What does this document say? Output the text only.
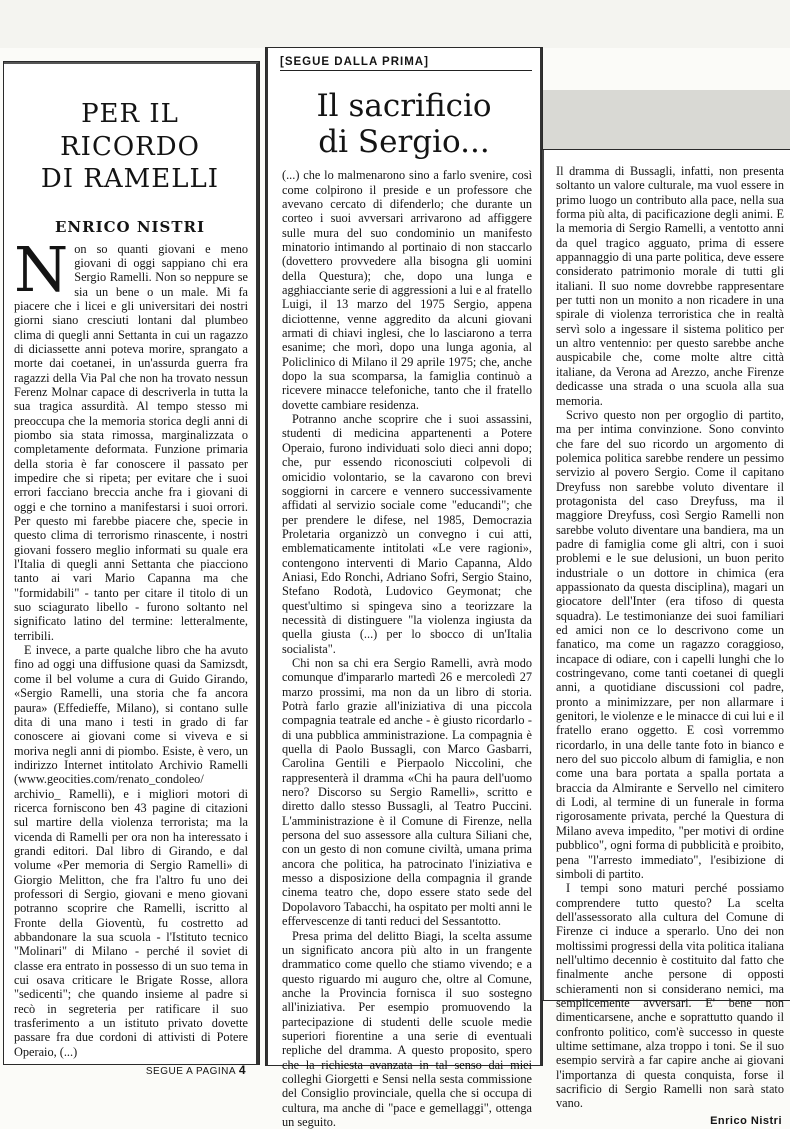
PER IL RICORDO
DI RAMELLI
ENRICO NISTRI

Non so quanti giovani e meno giovani di oggi sappiano chi era Sergio Ramelli. Non so neppure se sia un bene o un male. Mi fa piacere che i licei e gli universitari dei nostri giorni siano cresciuti lontani dal plumbeo clima di quegli anni Settanta in cui un ragazzo di diciassette anni poteva morire, sprangato a morte dai coetanei, in un'assurda guerra fra ragazzi della Via Pal che non ha trovato nessun Ferenz Molnar capace di descriverla in tutta la sua tragica assurdità. Al tempo stesso mi preoccupa che la memoria storica degli anni di piombo sia stata rimossa, marginalizzata o completamente deformata. Funzione primaria della storia è far conoscere il passato per impedire che si ripeta; per evitare che i suoi errori facciano breccia anche fra i giovani di oggi e che tornino a manifestarsi i suoi orrori. Per questo mi farebbe piacere che, specie in questo clima di terrorismo rinascente, i nostri giovani fossero meglio informati su quale era l'Italia di quegli anni Settanta che piacciono tanto ai vari Mario Capanna ma che "formidabili" - tanto per citare il titolo di un suo sciagurato libello - furono soltanto nel significato latino del termine: letteralmente, terribili.

E invece, a parte qualche libro che ha avuto fino ad oggi una diffusione quasi da Samizsdt, come il bel volume a cura di Guido Girando, «Sergio Ramelli, una storia che fa ancora paura» (Effedieffe, Milano), si contano sulle dita di una mano i testi in grado di far conoscere ai giovani come si viveva e si moriva negli anni di piombo. Esiste, è vero, un indirizzo Internet intitolato Archivio Ramelli (www.geocities.com/renato_condoleo/ archivio_ Ramelli), e i migliori motori di ricerca forniscono ben 43 pagine di citazioni sul martire della violenza terrorista; ma la vicenda di Ramelli per ora non ha interessato i grandi editori. Dal libro di Girando, e dal volume «Per memoria di Sergio Ramelli» di Giorgio Melitton, che fra l'altro fu uno dei professori di Sergio, giovani e meno giovani potranno scoprire che Ramelli, iscritto al Fronte della Gioventù, fu costretto ad abbandonare la sua scuola - l'Istituto tecnico "Molinari" di Milano - perché il soviet di classe era entrato in possesso di un suo tema in cui osava criticare le Brigate Rosse, allora "sedicenti"; che quando insieme al padre si recò in segreteria per ratificare il suo trasferimento a un istituto privato dovette passare fra due cordoni di attivisti di Potere Operaio, (...)

SEGUE A PAGINA 4
[SEGUE DALLA PRIMA]
Il sacrificio
di Sergio...

(...) che lo malmenarono sino a farlo svenire, così come colpirono il preside e un professore che avevano cercato di difenderlo; che durante un corteo i suoi avversari arrivarono ad affiggere sulle mura del suo condominio un manifesto minatorio intimando al portinaio di non staccarlo (dovettero provvedere alla bisogna gli uomini della Questura); che, dopo una lunga e agghiacciante serie di aggressioni a lui e al fratello Luigi, il 13 marzo del 1975 Sergio, appena diciottenne, venne aggredito da alcuni giovani armati di chiavi inglesi, che lo lasciarono a terra esanime; che morì, dopo una lunga agonia, al Policlinico di Milano il 29 aprile 1975; che, anche dopo la sua scomparsa, la famiglia continuò a ricevere minacce telefoniche, tanto che il fratello dovette cambiare residenza.

Potranno anche scoprire che i suoi assassini, studenti di medicina appartenenti a Potere Operaio, furono individuati solo dieci anni dopo; che, pur essendo riconosciuti colpevoli di omicidio volontario, se la cavarono con brevi soggiorni in carcere e vennero successivamente affidati al servizio sociale come "educandi"; che per prendere le difese, nel 1985, Democrazia Proletaria organizzò un convegno i cui atti, emblematicamente intitolati «Le vere ragioni», contengono interventi di Mario Capanna, Aldo Aniasi, Edo Ronchi, Adriano Sofri, Sergio Staino, Stefano Rodotà, Ludovico Geymonat; che quest'ultimo si spingeva sino a teorizzare la necessità di distinguere "la violenza ingiusta da quella giusta (...) per lo sbocco di un'Italia socialista".

Chi non sa chi era Sergio Ramelli, avrà modo comunque d'impararlo martedì 26 e mercoledì 27 marzo prossimi, ma non da un libro di storia. Potrà farlo grazie all'iniziativa di una piccola compagnia teatrale ed anche - è giusto ricordarlo - di una pubblica amministrazione. La compagnia è quella di Paolo Bussagli, con Marco Gasbarri, Carolina Gentili e Pierpaolo Niccolini, che rappresenterà il dramma «Chi ha paura dell'uomo nero? Discorso su Sergio Ramelli», scritto e diretto dallo stesso Bussagli, al Teatro Puccini. L'amministrazione è il Comune di Firenze, nella persona del suo assessore alla cultura Siliani che, con un gesto di non comune civiltà, umana prima ancora che politica, ha patrocinato l'iniziativa e messo a disposizione della compagnia il grande cinema teatro che, dopo essere stato sede del Dopolavoro Tabacchi, ha ospitato per molti anni le effervescenze di tanti reduci del Sessantotto.

Presa prima del delitto Biagi, la scelta assume un significato ancora più alto in un frangente drammatico come quello che stiamo vivendo; e a questo riguardo mi auguro che, oltre al Comune, anche la Provincia fornisca il suo sostegno all'iniziativa. Per esempio promuovendo la partecipazione di studenti delle scuole medie superiori fiorentine a una serie di eventuali repliche del dramma. A questo proposito, spero che la richiesta avanzata in tal senso dai miei colleghi Giorgetti e Sensi nella sesta commissione del Consiglio provinciale, quella che si occupa di cultura, ma anche di "pace e gemellaggi", ottenga un seguito.

Il dramma di Bussagli, infatti, non presenta soltanto un valore culturale, ma vuol essere in primo luogo un contributo alla pace, nella sua forma più alta, di pacificazione degli animi. E la memoria di Sergio Ramelli, a ventotto anni da quel tragico agguato, prima di essere appannaggio di una parte politica, deve essere considerato patrimonio morale di tutti gli italiani. Il suo nome dovrebbe rappresentare per tutti non un monito a non ricadere in una spirale di violenza terroristica che in realtà servì solo a ingessare il sistema politico per un altro ventennio: per questo sarebbe anche auspicabile che, come molte altre città italiane, da Verona ad Arezzo, anche Firenze dedicasse una strada o una scuola alla sua memoria.

Scrivo questo non per orgoglio di partito, ma per intima convinzione. Sono convinto che fare del suo ricordo un argomento di polemica politica sarebbe rendere un pessimo servizio al povero Sergio. Come il capitano Dreyfuss non sarebbe voluto diventare il protagonista del caso Dreyfuss, ma il maggiore Dreyfuss, così Sergio Ramelli non sarebbe voluto diventare una bandiera, ma un padre di famiglia come gli altri, con i suoi problemi e le sue delusioni, un buon perito industriale o un dottore in chimica (era appassionato da questa disciplina), magari un giocatore dell'Inter (era tifoso di questa squadra). Le testimonianze dei suoi familiari ed amici non ce lo descrivono come un fanatico, ma come un ragazzo coraggioso, incapace di odiare, con i capelli lunghi che lo costringevano, come tanti coetanei di quegli anni, a quotidiane discussioni col padre, pronto a minimizzare, per non allarmare i genitori, le violenze e le minacce di cui lui e il fratello erano oggetto. E così vorremmo ricordarlo, in una delle tante foto in bianco e nero del suo piccolo album di famiglia, e non come una bara portata a spalla portata a braccia da Almirante e Servello nel cimitero di Lodi, al termine di un funerale in forma rigorosamente privata, perché la Questura di Milano aveva impedito, "per motivi di ordine pubblico", ogni forma di pubblicità e proibito, pena "l'arresto immediato", l'esibizione di simboli di partito.

I tempi sono maturi perché possiamo comprendere tutto questo? La scelta dell'assessorato alla cultura del Comune di Firenze ci induce a sperarlo. Uno dei non moltissimi progressi della vita politica italiana nell'ultimo decennio è costituito dal fatto che finalmente anche persone di opposti schieramenti non si considerano nemici, ma semplicemente avversari. E' bene non dimenticarsene, anche e soprattutto quando il confronto politico, com'è successo in queste ultime settimane, alza troppo i toni. Se il suo esempio servirà a far capire anche ai giovani l'importanza di questa conquista, forse il sacrificio di Sergio Ramelli non sarà stato vano.

Enrico Nistri
